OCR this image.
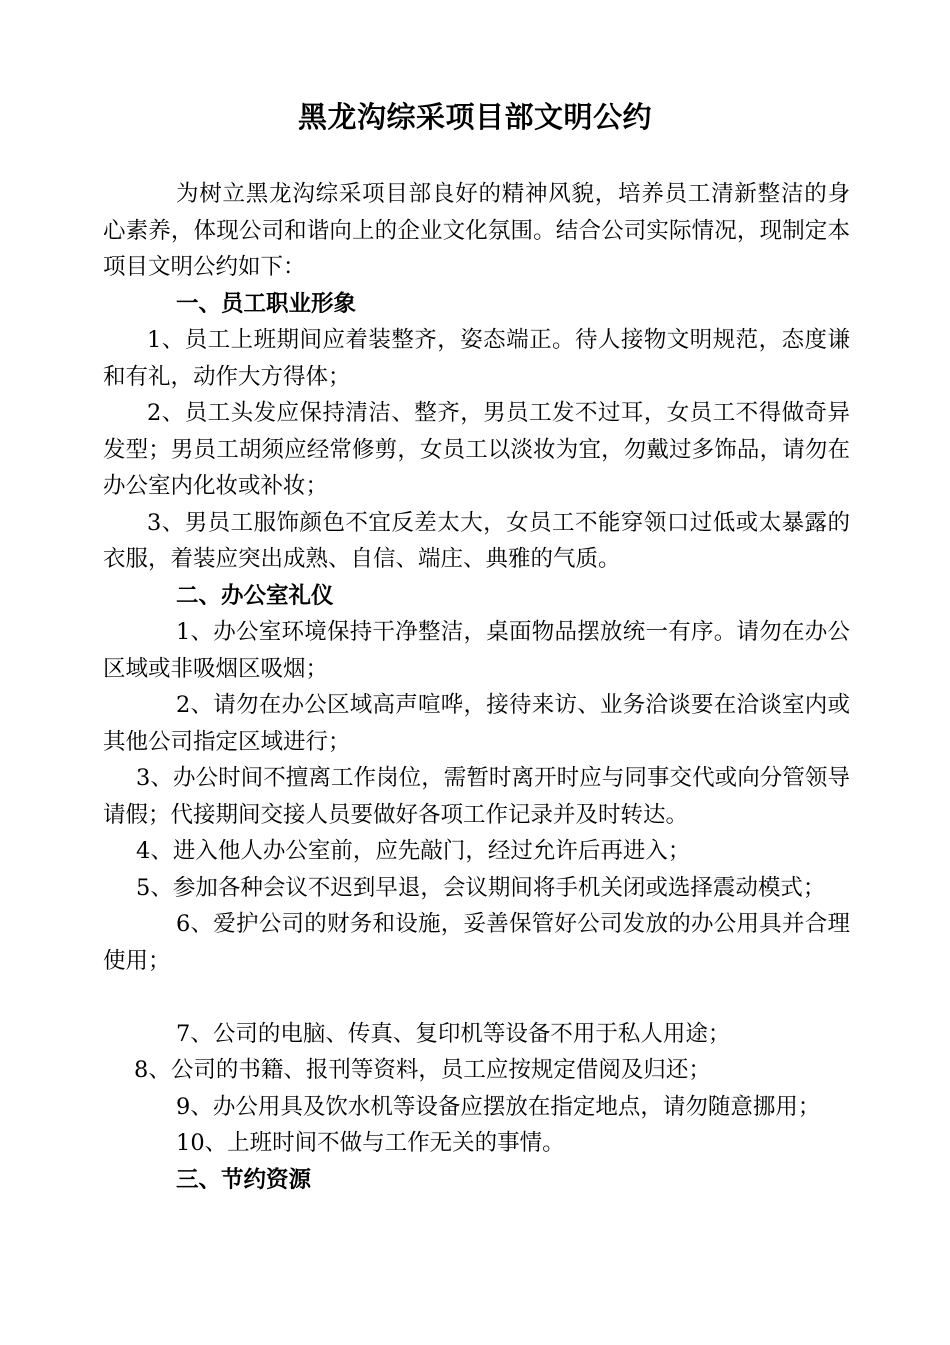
黑龙沟综采项目部文明公约

为树立黑龙沟综采项目部良好的精神风貌，培养员工清新整洁的身心素养，体现公司和谐向上的企业文化氛围。结合公司实际情况，现制定本项目文明公约如下：

一、员工职业形象

1、员工上班期间应着装整齐，姿态端正。待人接物文明规范，态度谦和有礼，动作大方得体；

2、员工头发应保持清洁、整齐，男员工发不过耳，女员工不得做奇异发型；男员工胡须应经常修剪，女员工以淡妆为宜，勿戴过多饰品，请勿在办公室内化妆或补妆；

3、男员工服饰颜色不宜反差太大，女员工不能穿领口过低或太暴露的衣服，着装应突出成熟、自信、端庄、典雅的气质。

二、办公室礼仪

1、办公室环境保持干净整洁，桌面物品摆放统一有序。请勿在办公区域或非吸烟区吸烟；

2、请勿在办公区域高声喧哗，接待来访、业务洽谈要在洽谈室内或其他公司指定区域进行；

3、办公时间不擅离工作岗位，需暂时离开时应与同事交代或向分管领导请假；代接期间交接人员要做好各项工作记录并及时转达。

4、进入他人办公室前，应先敲门，经过允许后再进入；

5、参加各种会议不迟到早退，会议期间将手机关闭或选择震动模式；

6、爱护公司的财务和设施，妥善保管好公司发放的办公用具并合理使用；

7、公司的电脑、传真、复印机等设备不用于私人用途；

8、公司的书籍、报刊等资料，员工应按规定借阅及归还；

9、办公用具及饮水机等设备应摆放在指定地点，请勿随意挪用；

10、上班时间不做与工作无关的事情。

三、节约资源
